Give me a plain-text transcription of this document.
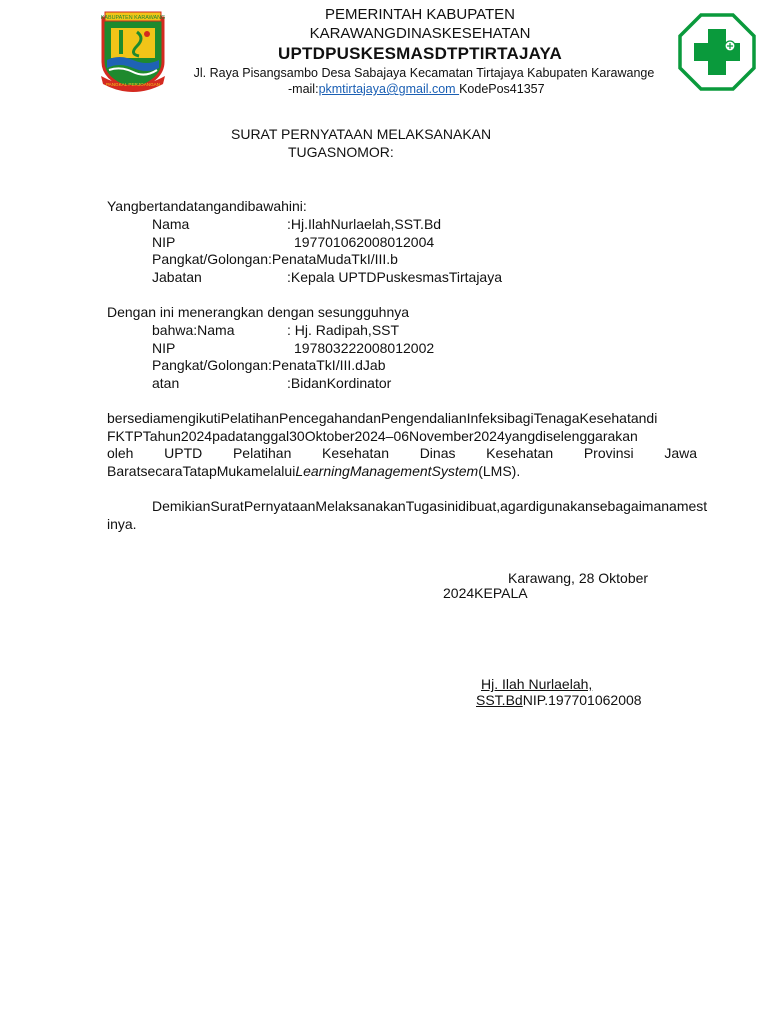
KABUPATEN KARAWANG
PANGKAL PERJOANGAN
PEMERINTAH KABUPATEN
KARAWANGDINASKESEHATAN
UPTDPUSKESMASDTPTIRTAJAYA
Jl. Raya Pisangsambo Desa Sabajaya Kecamatan Tirtajaya Kabupaten Karawange
-mail:pkmtirtajaya@gmail.com KodePos41357
SURAT PERNYATAAN MELAKSANAKAN
TUGASNOMOR:
Yangbertandatangandibawahini:
Nama	:Hj.IlahNurlaelah,SST.Bd
NIP	197701062008012004
Pangkat/Golongan:PenataMudaTkI/III.b
Jabatan	:Kepala UPTDPuskesmasTirtajaya
Dengan ini menerangkan dengan sesungguhnya
bahwa:Nama	: Hj. Radipah,SST
NIP	197803222008012002
Pangkat/Golongan:PenataTkI/III.dJab
atan	:BidanKordinator
bersediamengikutiPelatihanPencegahandanPengendalianInfeksibagiTenagaKesehatandi
FKTPTahun2024padatanggal30Oktober2024–06November2024yangdiselenggarakan
oleh UPTD Pelatihan Kesehatan Dinas Kesehatan Provinsi Jawa
BaratsecaraTatapMukamelaluiLearningManagementSystem(LMS).
DemikianSuratPernyataanMelaksanakanTugasinidibuat,agardigunakansebagaimanamest
inya.
Karawang, 28 Oktober
2024KEPALA
Hj. Ilah Nurlaelah,
SST.BdNIP.197701062008
